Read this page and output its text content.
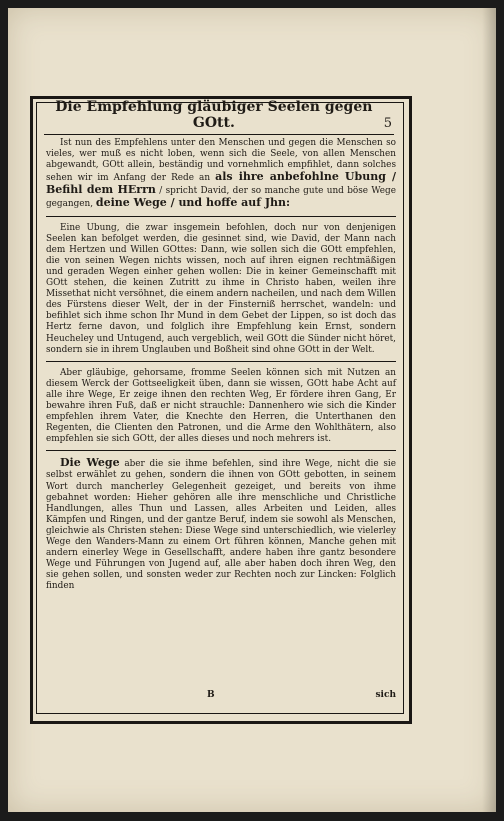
Die Empfehlung gläubiger Seelen gegen GOtt.	5

Ist nun des Empfehlens unter den Menschen und gegen die Menschen so vieles, wer muß es nicht loben, wenn sich die Seele, von allen Menschen abgewandt, GOtt allein, beständig und vornehmlich empfihlet, dann solches sehen wir im Anfang der Rede an als ihre anbefohlne Ubung / Befihl dem HErrn / spricht David, der so manche gute und böse Wege gegangen, deine Wege / und hoffe auf Jhn:

Eine Ubung, die zwar insgemein befohlen, doch nur von denjenigen Seelen kan befolget werden, die gesinnet sind, wie David, der Mann nach dem Hertzen und Willen GOttes: Dann, wie sollen sich die GOtt empfehlen, die von seinen Wegen nichts wissen, noch auf ihren eignen rechtmäßigen und geraden Wegen einher gehen wollen: Die in keiner Gemeinschafft mit GOtt stehen, die keinen Zutritt zu ihme in Christo haben, weilen ihre Missethat nicht versöhnet, die einem andern nacheilen, und nach dem Willen des Fürstens dieser Welt, der in der Finsterniß herrschet, wandeln: und befihlet sich ihme schon Ihr Mund in dem Gebet der Lippen, so ist doch das Hertz ferne davon, und folglich ihre Empfehlung kein Ernst, sondern Heucheley und Untugend, auch vergeblich, weil GOtt die Sünder nicht höret, sondern sie in ihrem Unglauben und Boßheit sind ohne GOtt in der Welt.

Aber gläubige, gehorsame, fromme Seelen können sich mit Nutzen an diesem Werck der Gottseeligkeit üben, dann sie wissen, GOtt habe Acht auf alle ihre Wege, Er zeige ihnen den rechten Weg, Er fördere ihren Gang, Er bewahre ihren Fuß, daß er nicht strauchle: Dannenhero wie sich die Kinder empfehlen ihrem Vater, die Knechte den Herren, die Unterthanen den Regenten, die Clienten den Patronen, und die Arme den Wohlthätern, also empfehlen sie sich GOtt, der alles dieses und noch mehrers ist.

Die Wege aber die sie ihme befehlen, sind ihre Wege, nicht die sie selbst erwählet zu gehen, sondern die ihnen von GOtt gebotten, in seinem Wort durch mancherley Gelegenheit gezeiget, und bereits von ihme gebahnet worden: Hieher gehören alle ihre menschliche und Christliche Handlungen, alles Thun und Lassen, alles Arbeiten und Leiden, alles Kämpfen und Ringen, und der gantze Beruf, indem sie sowohl als Menschen, gleichwie als Christen stehen: Diese Wege sind unterschiedlich, wie vielerley Wege den Wanders-Mann zu einem Ort führen können, Manche gehen mit andern einerley Wege in Gesellschafft, andere haben ihre gantz besondere Wege und Führungen von Jugend auf, alle aber haben doch ihren Weg, den sie gehen sollen, und sonsten weder zur Rechten noch zur Lincken: Folglich finden

B	sich
